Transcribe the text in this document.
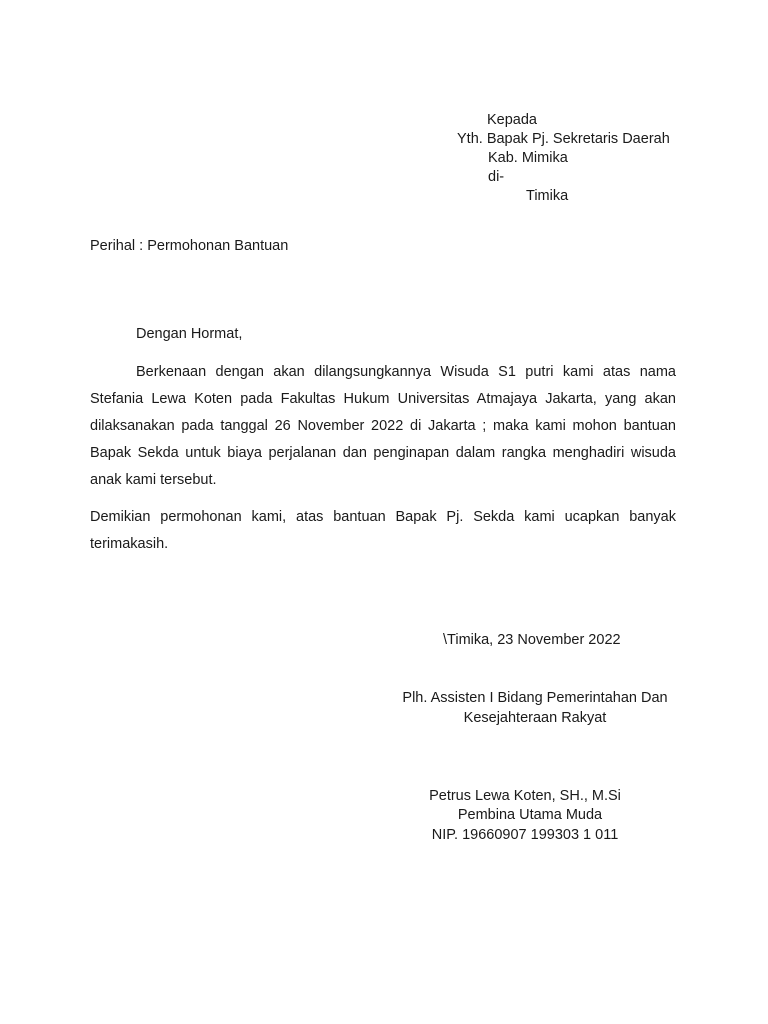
Kepada
Yth. Bapak Pj. Sekretaris Daerah
Kab. Mimika
di-
Timika
Perihal : Permohonan Bantuan
Dengan Hormat,
Berkenaan dengan akan dilangsungkannya Wisuda S1 putri kami atas nama Stefania Lewa Koten pada Fakultas Hukum Universitas Atmajaya Jakarta, yang akan dilaksanakan pada tanggal 26 November 2022 di Jakarta ; maka kami mohon bantuan Bapak Sekda untuk biaya perjalanan dan penginapan dalam rangka menghadiri wisuda anak kami tersebut.
Demikian permohonan kami, atas bantuan Bapak Pj. Sekda kami ucapkan banyak terimakasih.
\Timika, 23 November 2022
Plh. Assisten I Bidang Pemerintahan Dan
Kesejahteraan Rakyat
Petrus Lewa Koten, SH., M.Si
Pembina Utama Muda
NIP. 19660907 199303 1 011
